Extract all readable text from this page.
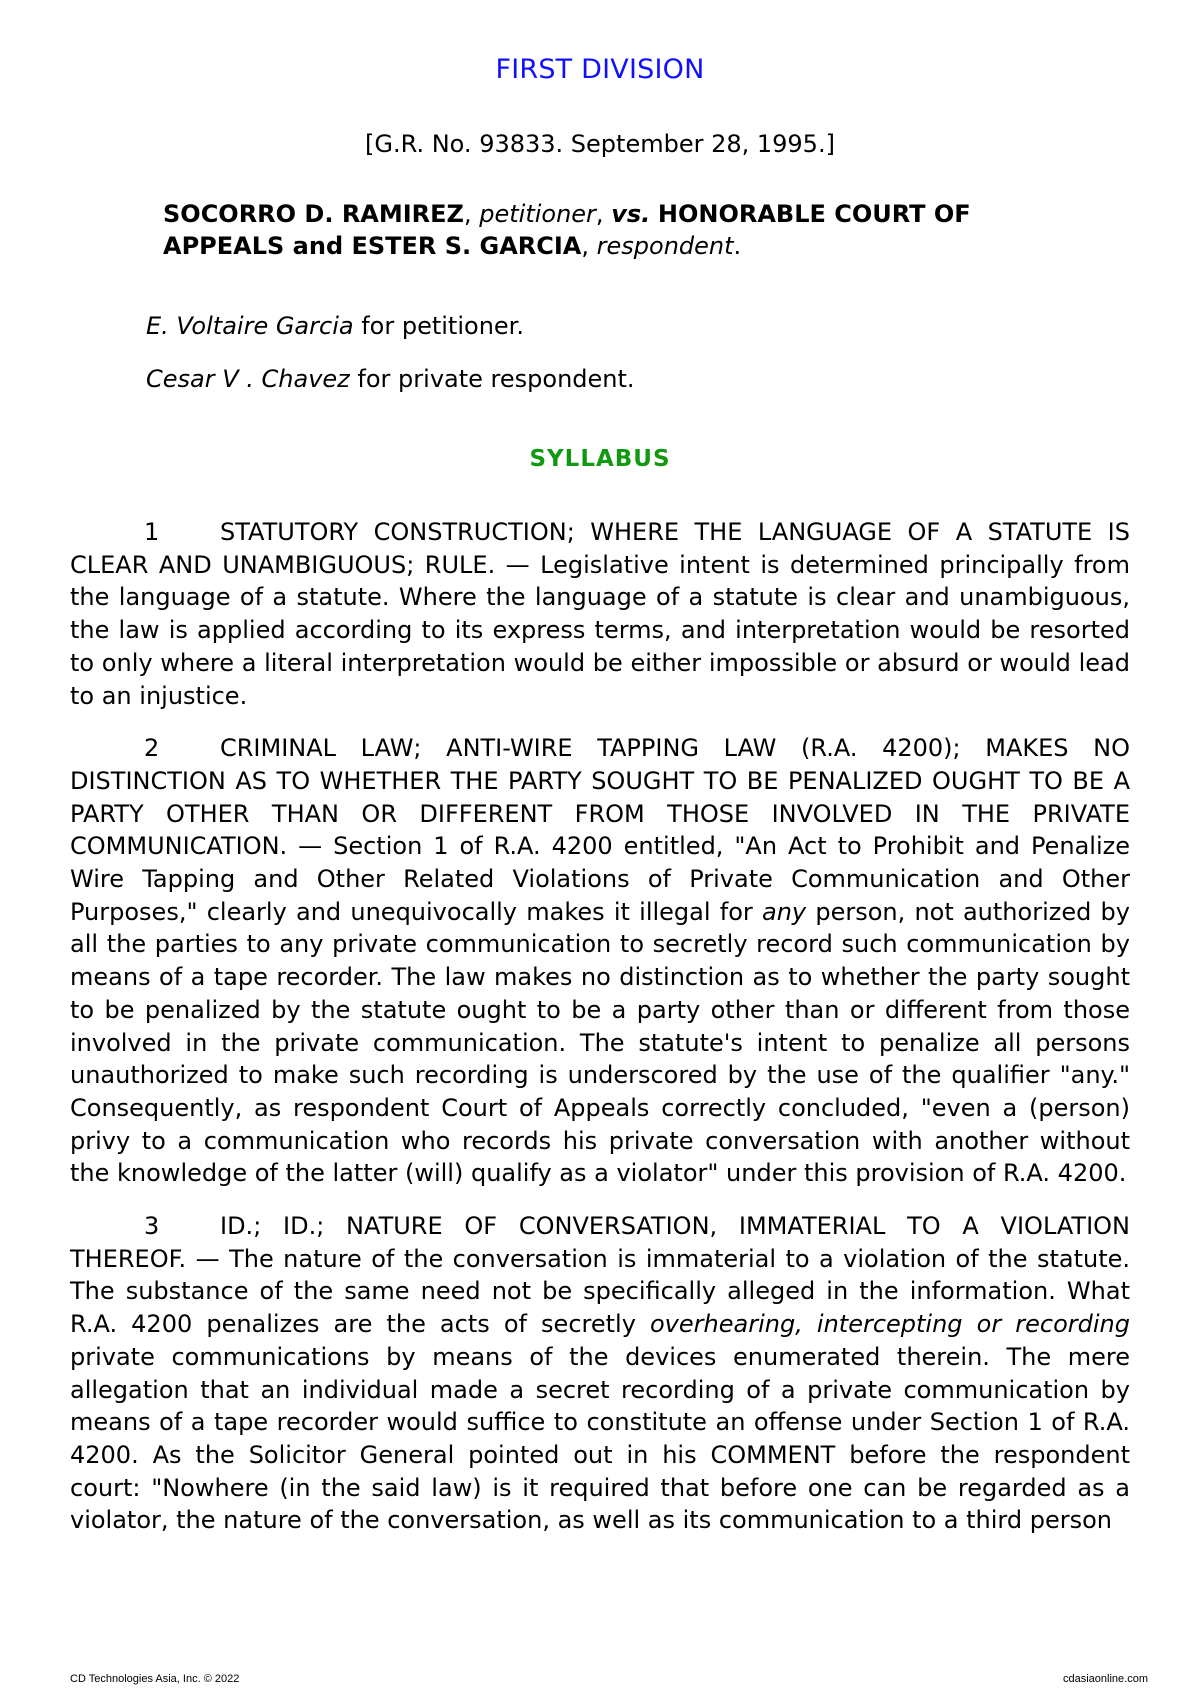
FIRST DIVISION
[G.R. No. 93833. September 28, 1995.]
SOCORRO D. RAMIREZ, petitioner, vs. HONORABLE COURT OF APPEALS and ESTER S. GARCIA, respondent.
E. Voltaire Garcia for petitioner.
Cesar V . Chavez for private respondent.
SYLLABUS
1	STATUTORY CONSTRUCTION; WHERE THE LANGUAGE OF A STATUTE IS CLEAR AND UNAMBIGUOUS; RULE. — Legislative intent is determined principally from the language of a statute. Where the language of a statute is clear and unambiguous, the law is applied according to its express terms, and interpretation would be resorted to only where a literal interpretation would be either impossible or absurd or would lead to an injustice.
2	CRIMINAL LAW; ANTI-WIRE TAPPING LAW (R.A. 4200); MAKES NO DISTINCTION AS TO WHETHER THE PARTY SOUGHT TO BE PENALIZED OUGHT TO BE A PARTY OTHER THAN OR DIFFERENT FROM THOSE INVOLVED IN THE PRIVATE COMMUNICATION. — Section 1 of R.A. 4200 entitled, "An Act to Prohibit and Penalize Wire Tapping and Other Related Violations of Private Communication and Other Purposes," clearly and unequivocally makes it illegal for any person, not authorized by all the parties to any private communication to secretly record such communication by means of a tape recorder. The law makes no distinction as to whether the party sought to be penalized by the statute ought to be a party other than or different from those involved in the private communication. The statute's intent to penalize all persons unauthorized to make such recording is underscored by the use of the qualifier "any." Consequently, as respondent Court of Appeals correctly concluded, "even a (person) privy to a communication who records his private conversation with another without the knowledge of the latter (will) qualify as a violator" under this provision of R.A. 4200.
3	ID.; ID.; NATURE OF CONVERSATION, IMMATERIAL TO A VIOLATION THEREOF. — The nature of the conversation is immaterial to a violation of the statute. The substance of the same need not be specifically alleged in the information. What R.A. 4200 penalizes are the acts of secretly overhearing, intercepting or recording private communications by means of the devices enumerated therein. The mere allegation that an individual made a secret recording of a private communication by means of a tape recorder would suffice to constitute an offense under Section 1 of R.A. 4200. As the Solicitor General pointed out in his COMMENT before the respondent court: "Nowhere (in the said law) is it required that before one can be regarded as a violator, the nature of the conversation, as well as its communication to a third person
CD Technologies Asia, Inc. © 2022	cdasiaonline.com
